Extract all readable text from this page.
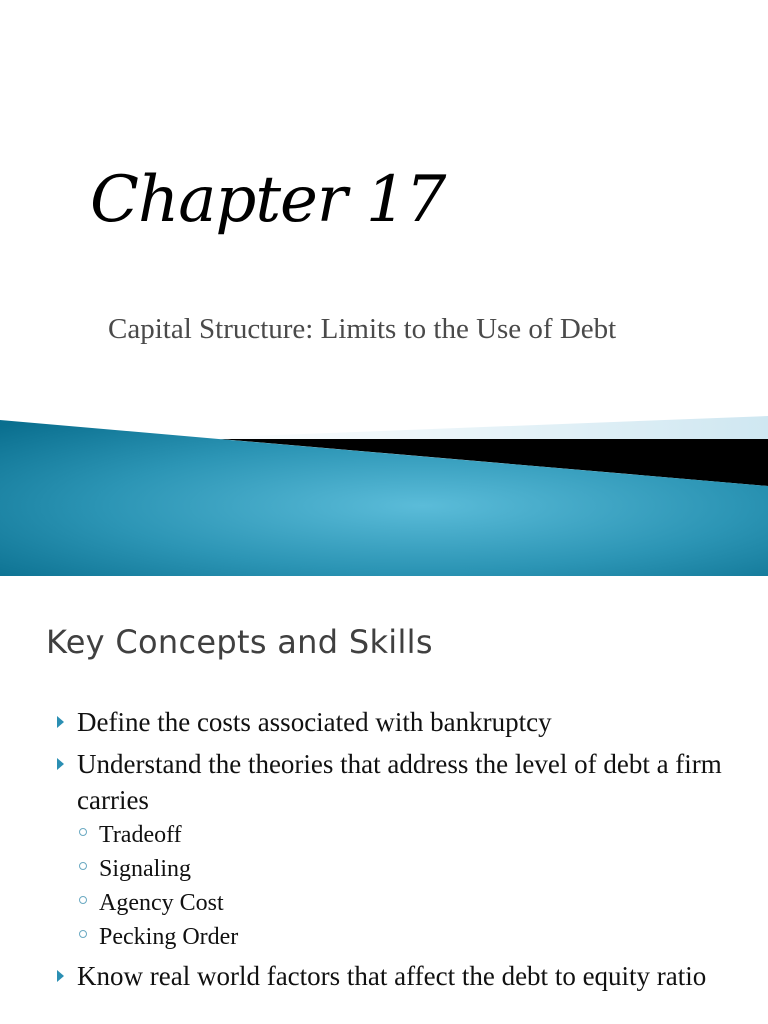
Chapter 17
Capital Structure: Limits to the Use of Debt
Key Concepts and Skills
Define the costs associated with bankruptcy
Understand the theories that address the level of debt a firm carries
Tradeoff
Signaling
Agency Cost
Pecking Order
Know real world factors that affect the debt to equity ratio
